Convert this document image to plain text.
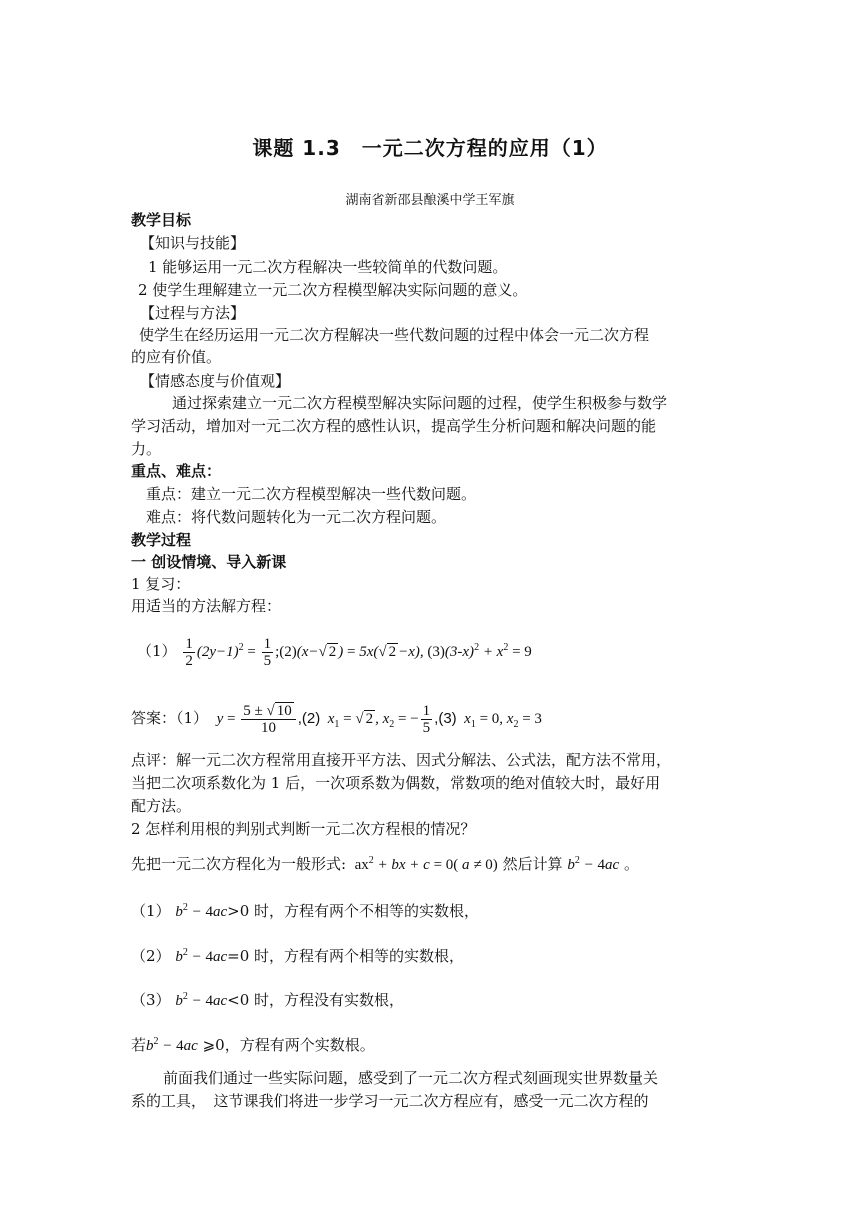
课题 1.3　一元二次方程的应用（1）
湖南省新邵县酿溪中学王军旗
教学目标
【知识与技能】
1 能够运用一元二次方程解决一些较简单的代数问题。
2 使学生理解建立一元二次方程模型解决实际问题的意义。
【过程与方法】
使学生在经历运用一元二次方程解决一些代数问题的过程中体会一元二次方程
的应有价值。
【情感态度与价值观】
通过探索建立一元二次方程模型解决实际问题的过程，使学生积极参与数学
学习活动，增加对一元二次方程的感性认识，提高学生分析问题和解决问题的能
力。
重点、难点：
重点：建立一元二次方程模型解决一些代数问题。
难点：将代数问题转化为一元二次方程问题。
教学过程
一 创设情境、导入新课
1 复习：
用适当的方法解方程：
$(1) \frac{1}{2} (2y-1)^2 = \frac{1}{5}$ ;(2)(x−√ 2 ) = 5x(√ 2 −x), $(3)(3-x)^2 + x^2 = 9$
答案：（1）  $y = \frac{5 \pm √ 10}{10} ,(2) x_1$ = √ 2 , $x_2$ = − $\frac{1}{5} ,(3) x_1 = 0$, $x_2 = 3$
点评：解一元二次方程常用直接开平方法、因式分解法、公式法，配方法不常用，
当把二次项系数化为 1 后，一次项系数为偶数，常数项的绝对值较大时，最好用
配方法。
2 怎样利用根的判别式判断一元二次方程根的情况？
先把一元二次方程化为一般形式: $ax^2$ + bx + c = 0( a ≠ 0) 然后计算 $b^2 - 4ac$ 。
（1） $b^2 - 4ac>0$ 时，方程有两个不相等的实数根，
（2） $b^2 - 4ac=0$ 时，方程有两个相等的实数根，
（3） $b^2 - 4ac<0$ 时，方程没有实数根，
若$b^2 - 4ac$ ⩾0，方程有两个实数根。
前面我们通过一些实际问题，感受到了一元二次方程式刻画现实世界数量关
系的工具，　这节课我们将进一步学习一元二次方程应有，感受一元二次方程的
